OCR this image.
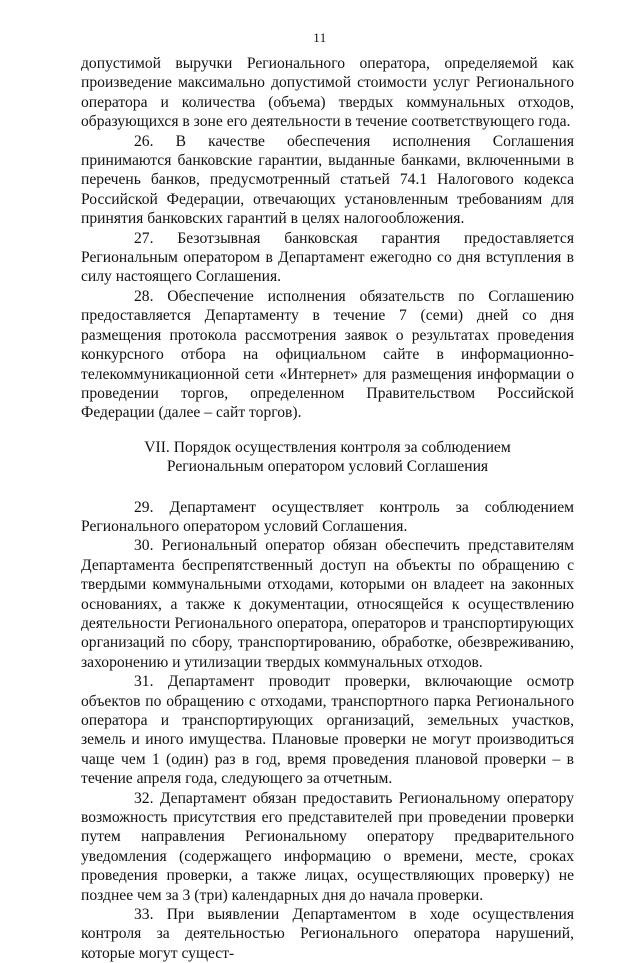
11

допустимой выручки Регионального оператора, определяемой как произведение максимально допустимой стоимости услуг Регионального оператора и количества (объема) твердых коммунальных отходов, образующихся в зоне его деятельности в течение соответствующего года.

26. В качестве обеспечения исполнения Соглашения принимаются банковские гарантии, выданные банками, включенными в перечень банков, предусмотренный статьей 74.1 Налогового кодекса Российской Федерации, отвечающих установленным требованиям для принятия банковских гарантий в целях налогообложения.

27. Безотзывная банковская гарантия предоставляется Региональным оператором в Департамент ежегодно со дня вступления в силу настоящего Соглашения.

28. Обеспечение исполнения обязательств по Соглашению предоставляется Департаменту в течение 7 (семи) дней со дня размещения протокола рассмотрения заявок о результатах проведения конкурсного отбора на официальном сайте в информационно-телекоммуникационной сети «Интернет» для размещения информации о проведении торгов, определенном Правительством Российской Федерации (далее – сайт торгов).

VII. Порядок осуществления контроля за соблюдением
Региональным оператором условий Соглашения

29. Департамент осуществляет контроль за соблюдением Регионального оператором условий Соглашения.

30. Региональный оператор обязан обеспечить представителям Департамента беспрепятственный доступ на объекты по обращению с твердыми коммунальными отходами, которыми он владеет на законных основаниях, а также к документации, относящейся к осуществлению деятельности Регионального оператора, операторов и транспортирующих организаций по сбору, транспортированию, обработке, обезвреживанию, захоронению и утилизации твердых коммунальных отходов.

31. Департамент проводит проверки, включающие осмотр объектов по обращению с отходами, транспортного парка Регионального оператора и транспортирующих организаций, земельных участков, земель и иного имущества. Плановые проверки не могут производиться чаще чем 1 (один) раз в год, время проведения плановой проверки – в течение апреля года, следующего за отчетным.

32. Департамент обязан предоставить Региональному оператору возможность присутствия его представителей при проведении проверки путем направления Региональному оператору предварительного уведомления (содержащего информацию о времени, месте, сроках проведения проверки, а также лицах, осуществляющих проверку) не позднее чем за 3 (три) календарных дня до начала проверки.

33. При выявлении Департаментом в ходе осуществления контроля за деятельностью Регионального оператора нарушений, которые могут сущест-
